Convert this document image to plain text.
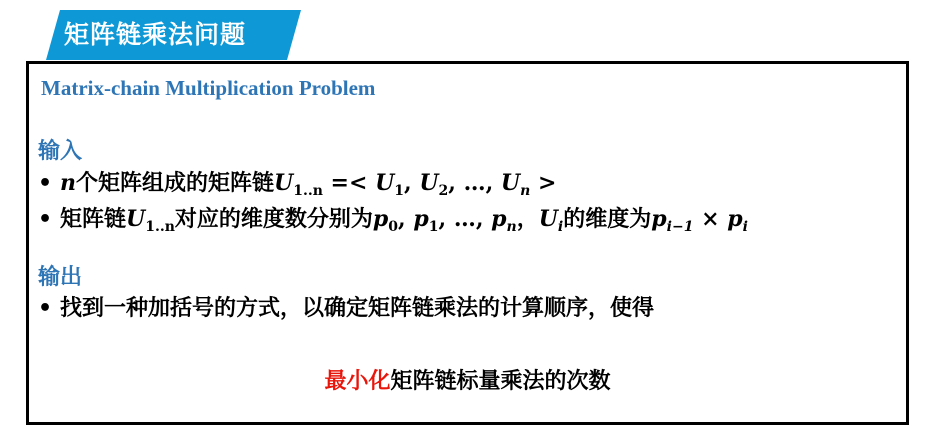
矩阵链乘法问题
Matrix-chain Multiplication Problem
输入
• n个矩阵组成的矩阵链$U_{1..n} =< U_1$, $U_2$, …, $U_n$ >
• 矩阵链$U_{1..n}$对应的维度数分别为$p_0$, $p_1$, …, $p_n$，$U_i$的维度为$p_{i-1} \times p_i$
输出
• 找到一种加括号的方式，以确定矩阵链乘法的计算顺序，使得
最小化矩阵链标量乘法的次数
